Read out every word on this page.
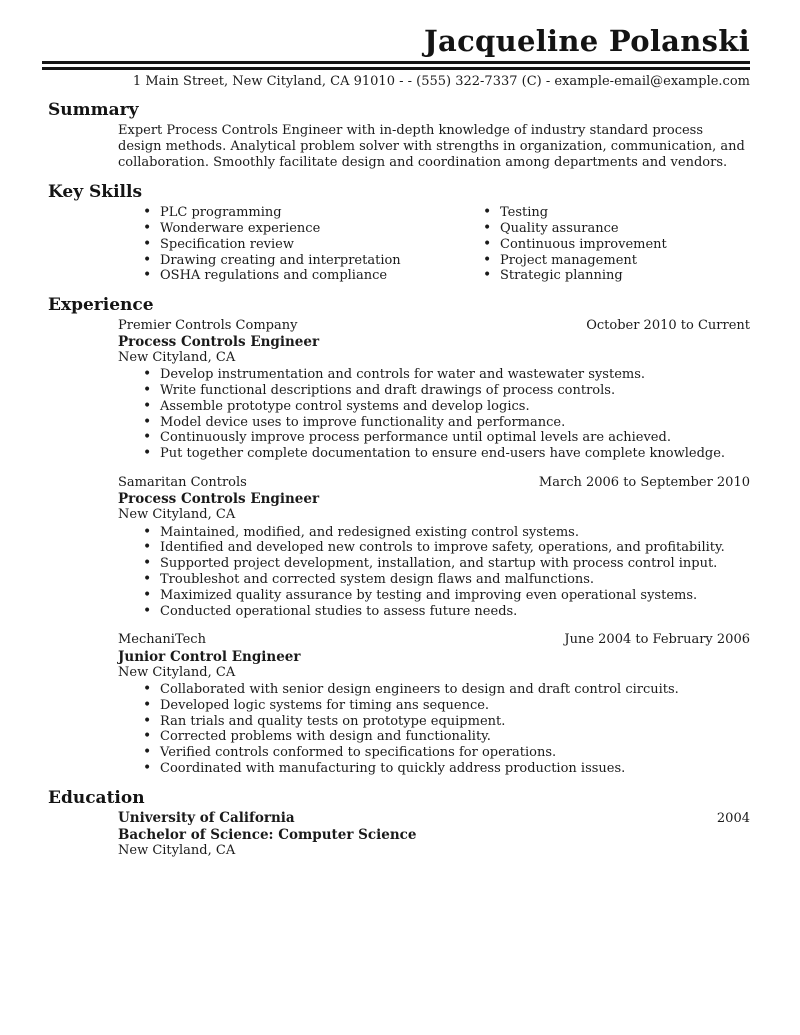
Jacqueline Polanski
1 Main Street, New Cityland, CA 91010 - - (555) 322-7337 (C) - example-email@example.com
Summary

Expert Process Controls Engineer with in-depth knowledge of industry standard process design methods. Analytical problem solver with strengths in organization, communication, and collaboration. Smoothly facilitate design and coordination among departments and vendors.

Key Skills
• PLC programming
• Wonderware experience
• Specification review
• Drawing creating and interpretation
• OSHA regulations and compliance
• Testing
• Quality assurance
• Continuous improvement
• Project management
• Strategic planning
Experience
Premier Controls Company	October 2010 to Current
Process Controls Engineer
New Cityland, CA
• Develop instrumentation and controls for water and wastewater systems.
• Write functional descriptions and draft drawings of process controls.
• Assemble prototype control systems and develop logics.
• Model device uses to improve functionality and performance.
• Continuously improve process performance until optimal levels are achieved.
• Put together complete documentation to ensure end-users have complete knowledge.
Samaritan Controls	March 2006 to September 2010
Process Controls Engineer
New Cityland, CA
• Maintained, modified, and redesigned existing control systems.
• Identified and developed new controls to improve safety, operations, and profitability.
• Supported project development, installation, and startup with process control input.
• Troubleshot and corrected system design flaws and malfunctions.
• Maximized quality assurance by testing and improving even operational systems.
• Conducted operational studies to assess future needs.
MechaniTech	June 2004 to February 2006
Junior Control Engineer
New Cityland, CA
• Collaborated with senior design engineers to design and draft control circuits.
• Developed logic systems for timing ans sequence.
• Ran trials and quality tests on prototype equipment.
• Corrected problems with design and functionality.
• Verified controls conformed to specifications for operations.
• Coordinated with manufacturing to quickly address production issues.
Education
University of California	2004
Bachelor of Science: Computer Science
New Cityland, CA
